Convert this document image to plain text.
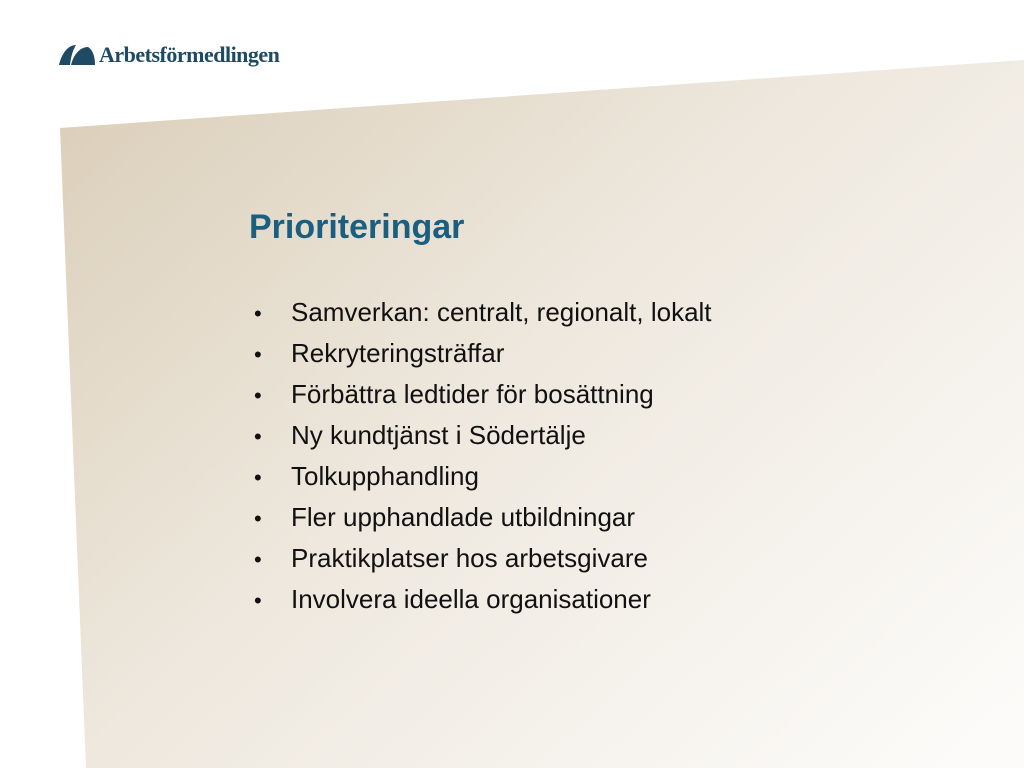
Arbetsförmedlingen
Prioriteringar
•	Samverkan: centralt, regionalt, lokalt
•	Rekryteringsträffar
•	Förbättra ledtider för bosättning
•	Ny kundtjänst i Södertälje
•	Tolkupphandling
•	Fler upphandlade utbildningar
•	Praktikplatser hos arbetsgivare
•	Involvera ideella organisationer
